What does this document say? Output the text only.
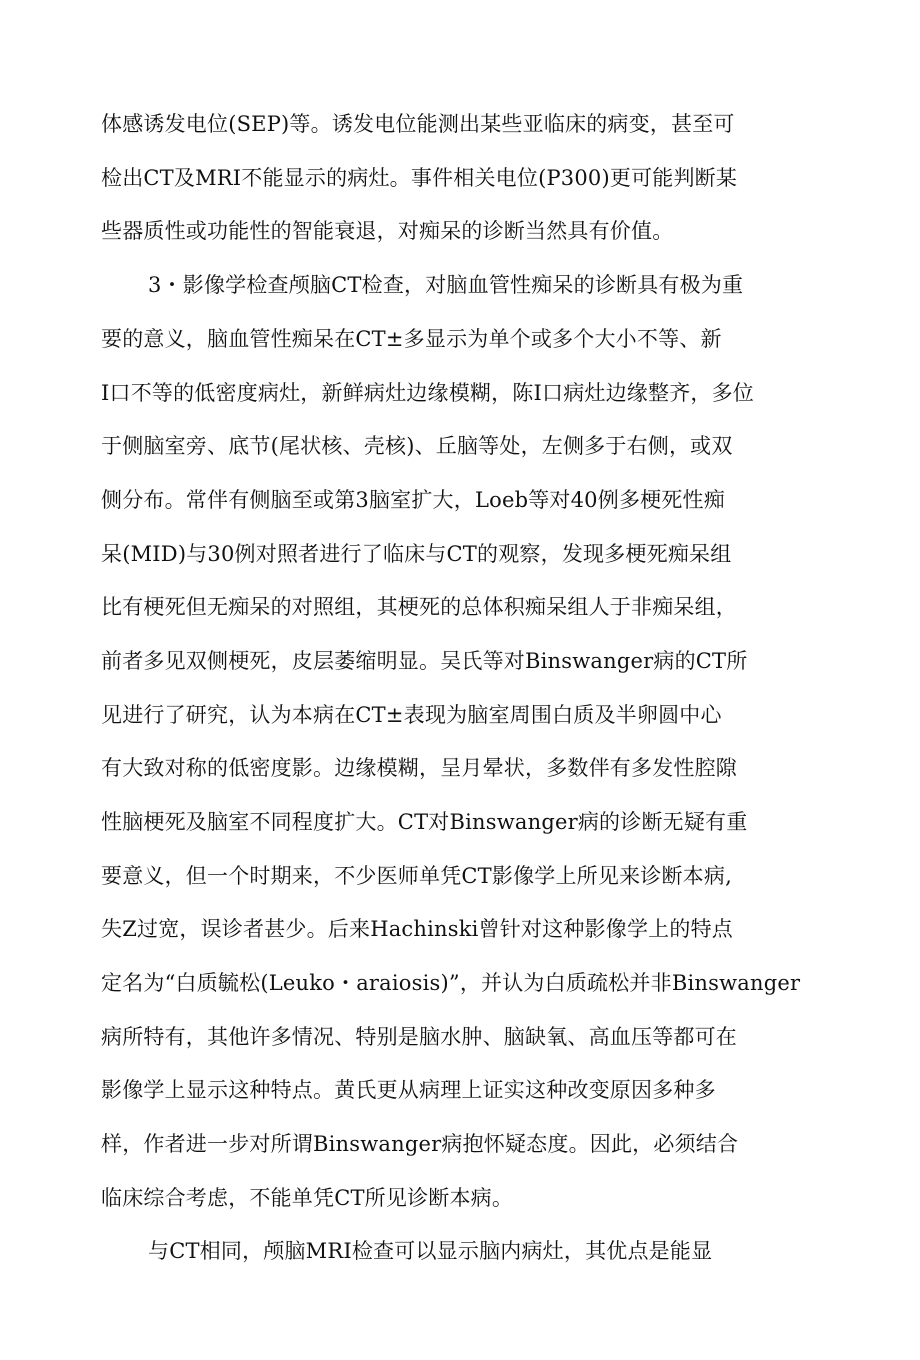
体感诱发电位(SEP)等。诱发电位能测出某些亚临床的病变，甚至可

检出CT及MRI不能显示的病灶。事件相关电位(P300)更可能判断某

些器质性或功能性的智能衰退，对痴呆的诊断当然具有价值。

3・影像学检查颅脑CT检查，对脑血管性痴呆的诊断具有极为重

要的意义，脑血管性痴呆在CT±多显示为单个或多个大小不等、新

I口不等的低密度病灶，新鲜病灶边缘模糊，陈I口病灶边缘整齐，多位

于侧脑室旁、底节(尾状核、壳核)、丘脑等处，左侧多于右侧，或双

侧分布。常伴有侧脑至或第3脑室扩大，Loeb等对40例多梗死性痴

呆(MID)与30例对照者进行了临床与CT的观察，发现多梗死痴呆组

比有梗死但无痴呆的对照组，其梗死的总体积痴呆组人于非痴呆组，

前者多见双侧梗死，皮层萎缩明显。吴氏等对Binswanger病的CT所

见进行了研究，认为本病在CT±表现为脑室周围白质及半卵圆中心

有大致对称的低密度影。边缘模糊，呈月晕状，多数伴有多发性腔隙

性脑梗死及脑室不同程度扩大。CT对Binswanger病的诊断无疑有重

要意义，但一个时期来，不少医师单凭CT影像学上所见来诊断本病,

失Z过宽，误诊者甚少。后来Hachinski曾针对这种影像学上的特点

定名为“白质毓松(Leuko・araiosis)”，并认为白质疏松并非Binswanger

病所特有，其他许多情况、特别是脑水肿、脑缺氧、高血压等都可在

影像学上显示这种特点。黄氏更从病理上证实这种改变原因多种多

样，作者进一步对所谓Binswanger病抱怀疑态度。因此，必须结合

临床综合考虑，不能单凭CT所见诊断本病。

与CT相同，颅脑MRI检查可以显示脑内病灶，其优点是能显
